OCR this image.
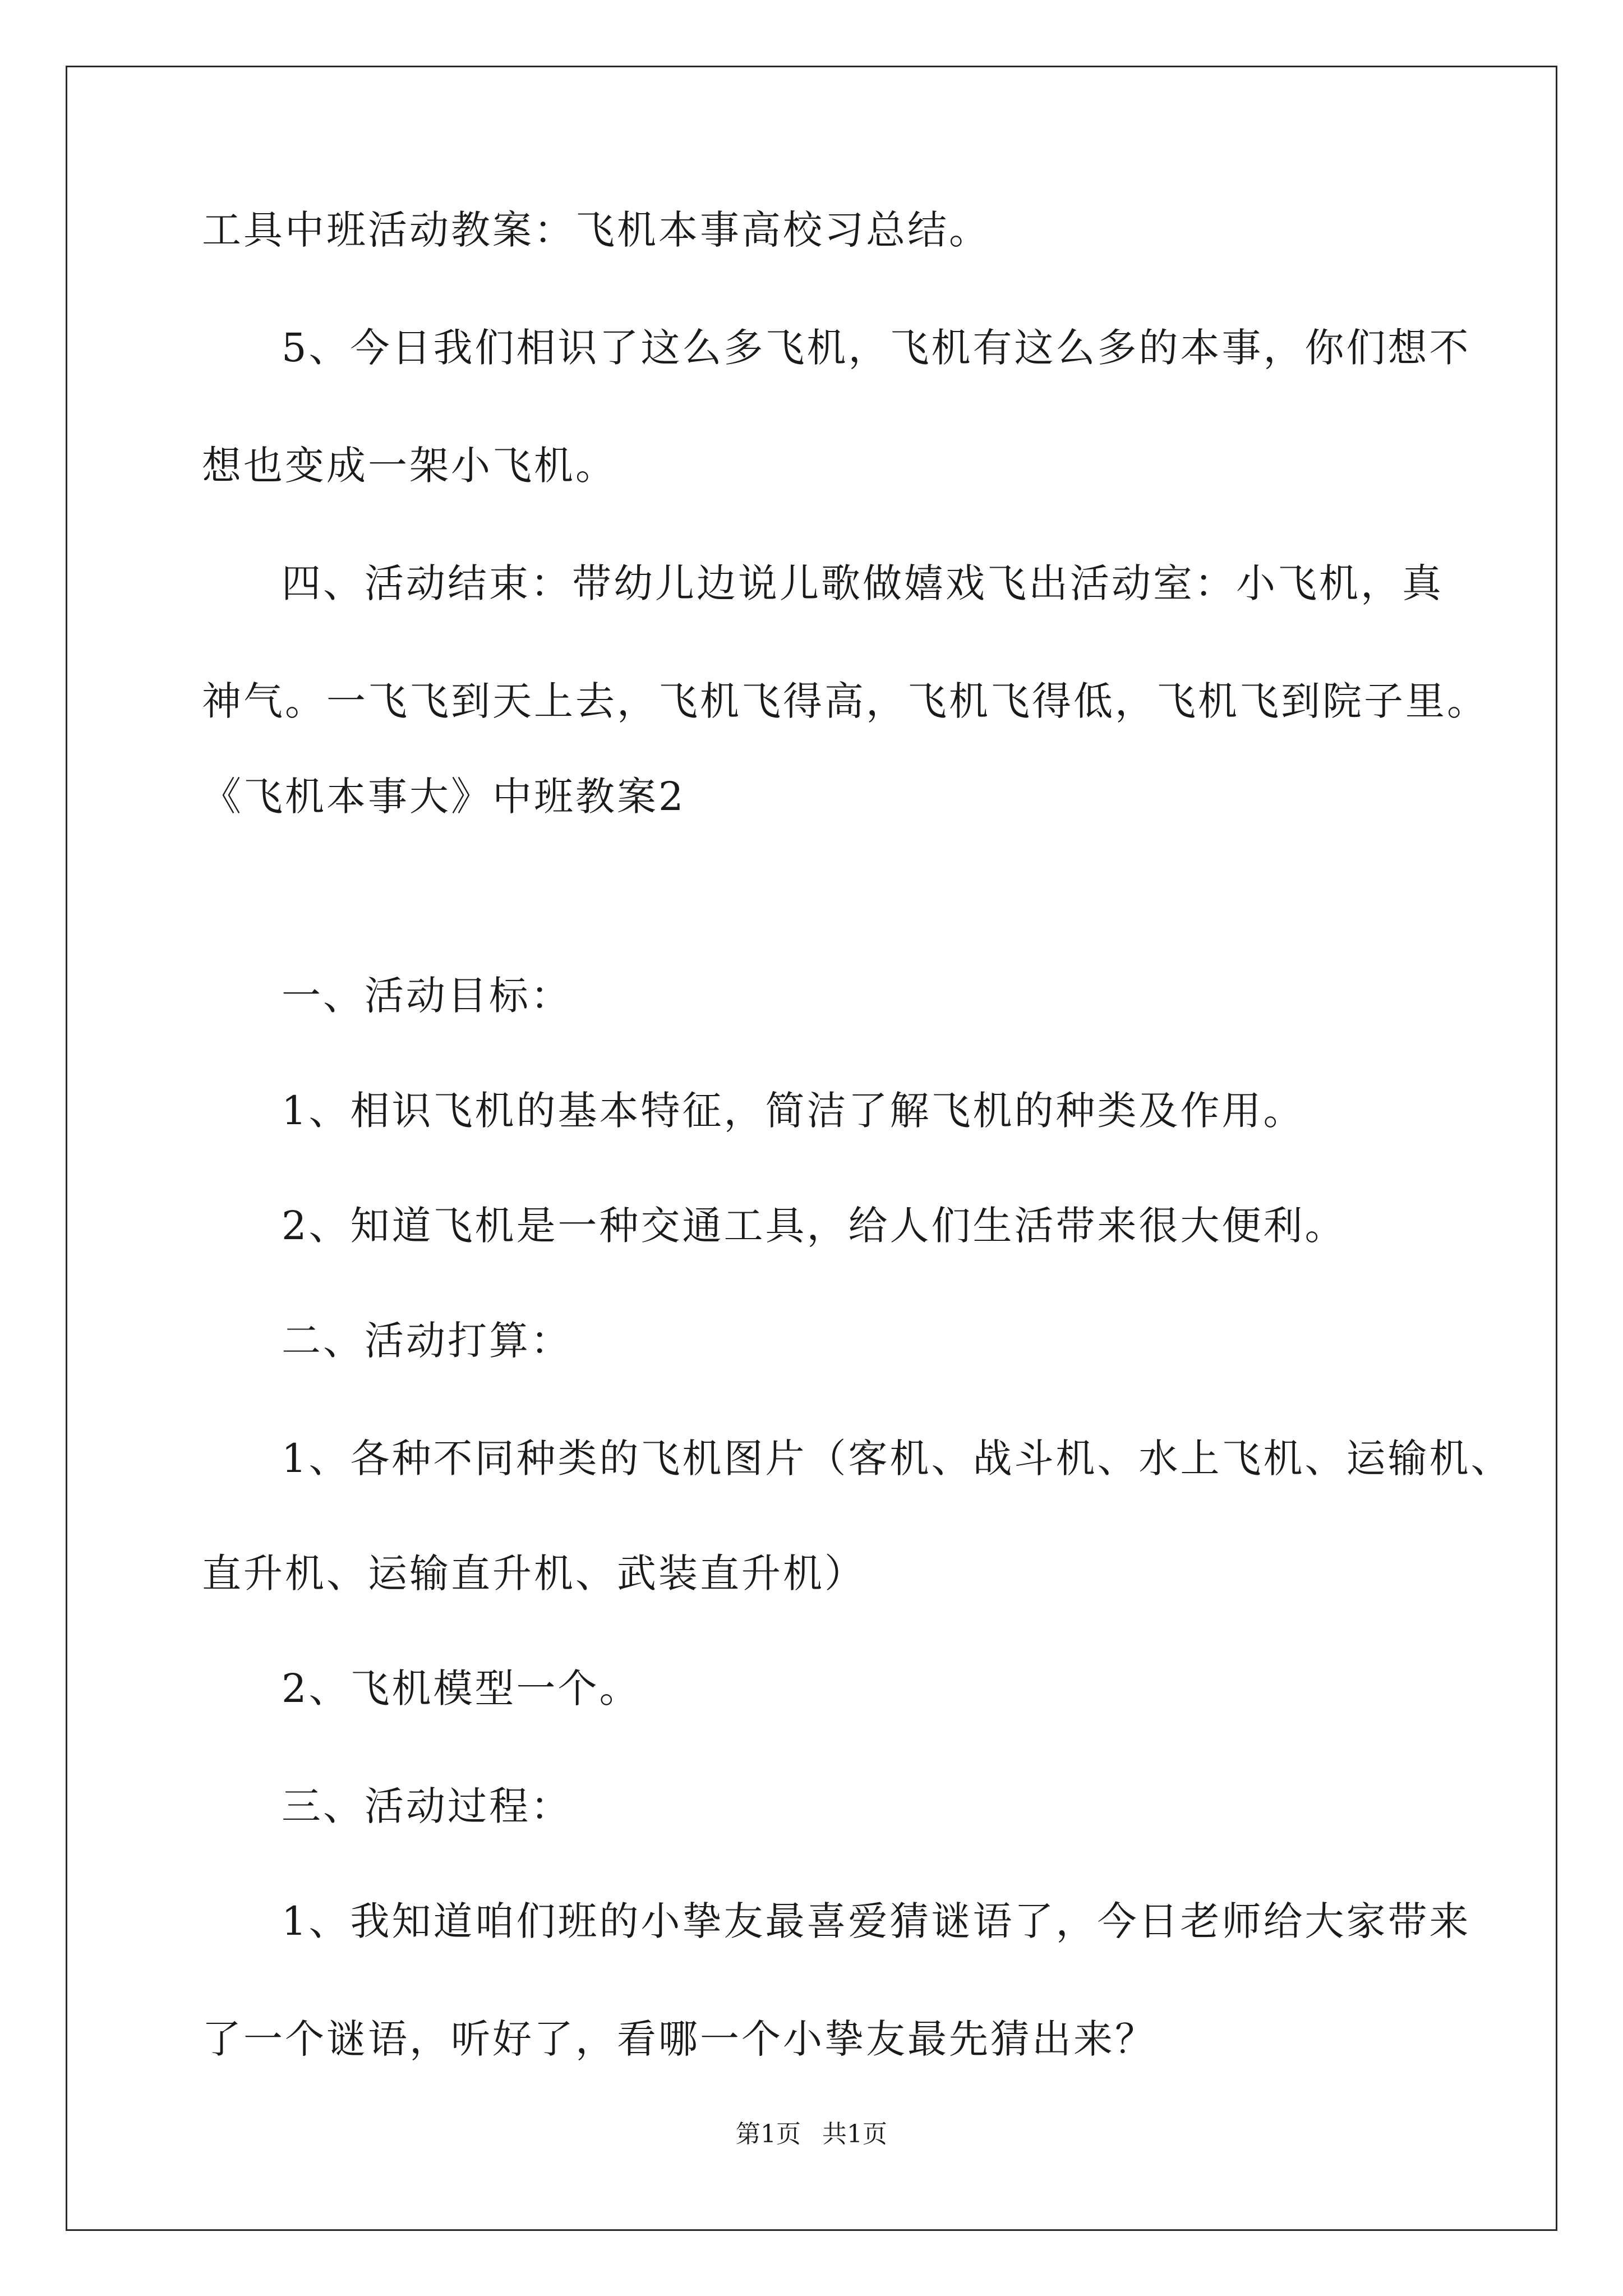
工具中班活动教案：飞机本事高校习总结。
5、今日我们相识了这么多飞机，飞机有这么多的本事，你们想不
想也变成一架小飞机。
四、活动结束：带幼儿边说儿歌做嬉戏飞出活动室：小飞机，真
神气。一飞飞到天上去，飞机飞得高，飞机飞得低，飞机飞到院子里。
《飞机本事大》中班教案2
一、活动目标：
1、相识飞机的基本特征，简洁了解飞机的种类及作用。
2、知道飞机是一种交通工具，给人们生活带来很大便利。
二、活动打算：
1、各种不同种类的飞机图片（客机、战斗机、水上飞机、运输机、
直升机、运输直升机、武装直升机）
2、飞机模型一个。
三、活动过程：
1、我知道咱们班的小挚友最喜爱猜谜语了，今日老师给大家带来
了一个谜语，听好了，看哪一个小挚友最先猜出来？
第1页 共1页
